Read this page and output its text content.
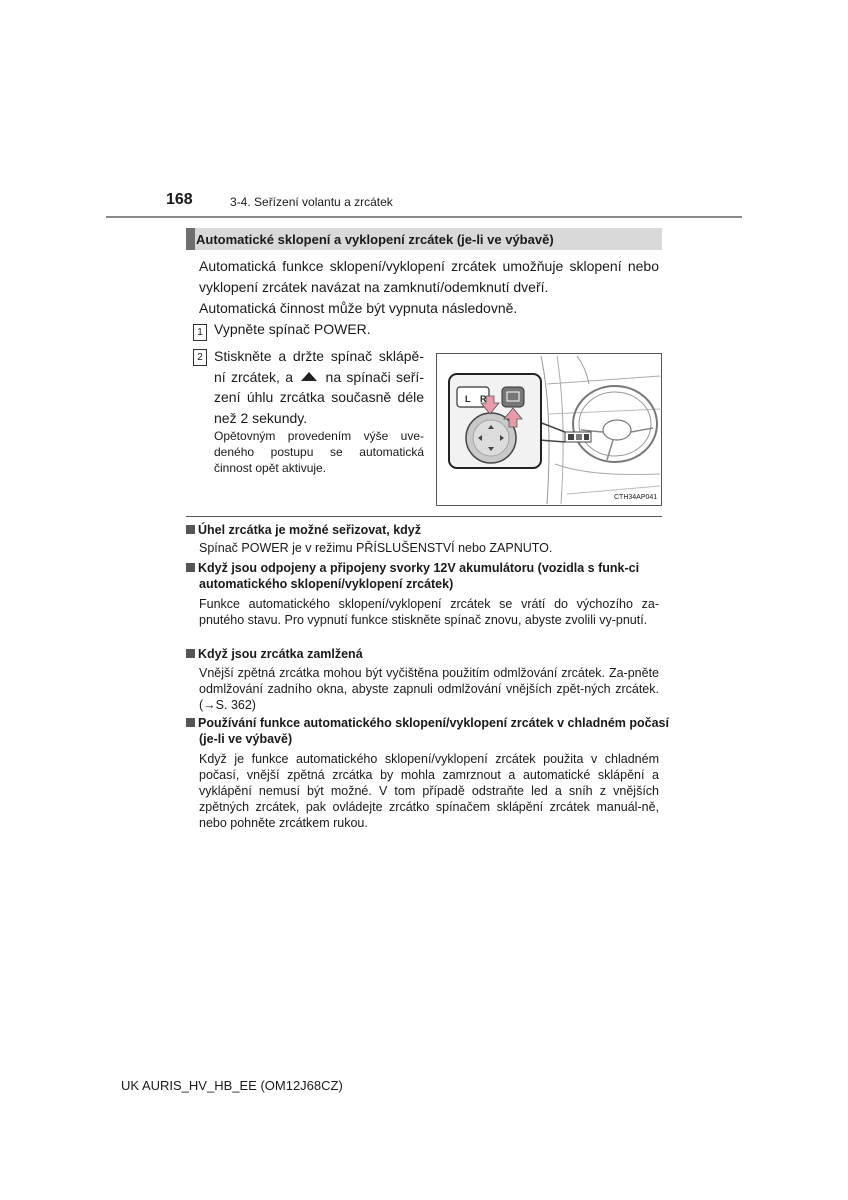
168	3-4. Seřízení volantu a zrcátek
Automatické sklopení a vyklopení zrcátek (je-li ve výbavě)
Automatická funkce sklopení/vyklopení zrcátek umožňuje sklopení nebo vyklopení zrcátek navázat na zamknutí/odemknutí dveří.
Automatická činnost může být vypnuta následovně.
1 Vypněte spínač POWER.
2 Stiskněte a držte spínač sklápě-ní zrcátek, a na spínači seří-zení úhlu zrcátka současně déle než 2 sekundy.
Opětovným provedením výše uve-deného postupu se automatická činnost opět aktivuje.
L R
CTH34AP041
Úhel zrcátka je možné seřizovat, když
Spínač POWER je v režimu PŘÍSLUŠENSTVÍ nebo ZAPNUTO.
Když jsou odpojeny a připojeny svorky 12V akumulátoru (vozidla s funk-ci automatického sklopení/vyklopení zrcátek)
Funkce automatického sklopení/vyklopení zrcátek se vrátí do výchozího za-pnutého stavu. Pro vypnutí funkce stiskněte spínač znovu, abyste zvolili vy-pnutí.
Když jsou zrcátka zamlžená
Vnější zpětná zrcátka mohou být vyčištěna použitím odmlžování zrcátek. Za-pněte odmlžování zadního okna, abyste zapnuli odmlžování vnějších zpět-ných zrcátek. (→S. 362)
Používání funkce automatického sklopení/vyklopení zrcátek v chladném počasí (je-li ve výbavě)
Když je funkce automatického sklopení/vyklopení zrcátek použita v chladném počasí, vnější zpětná zrcátka by mohla zamrznout a automatické sklápění a vyklápění nemusí být možné. V tom případě odstraňte led a sníh z vnějších zpětných zrcátek, pak ovládejte zrcátko spínačem sklápění zrcátek manuál-ně, nebo pohněte zrcátkem rukou.
UK AURIS_HV_HB_EE (OM12J68CZ)
